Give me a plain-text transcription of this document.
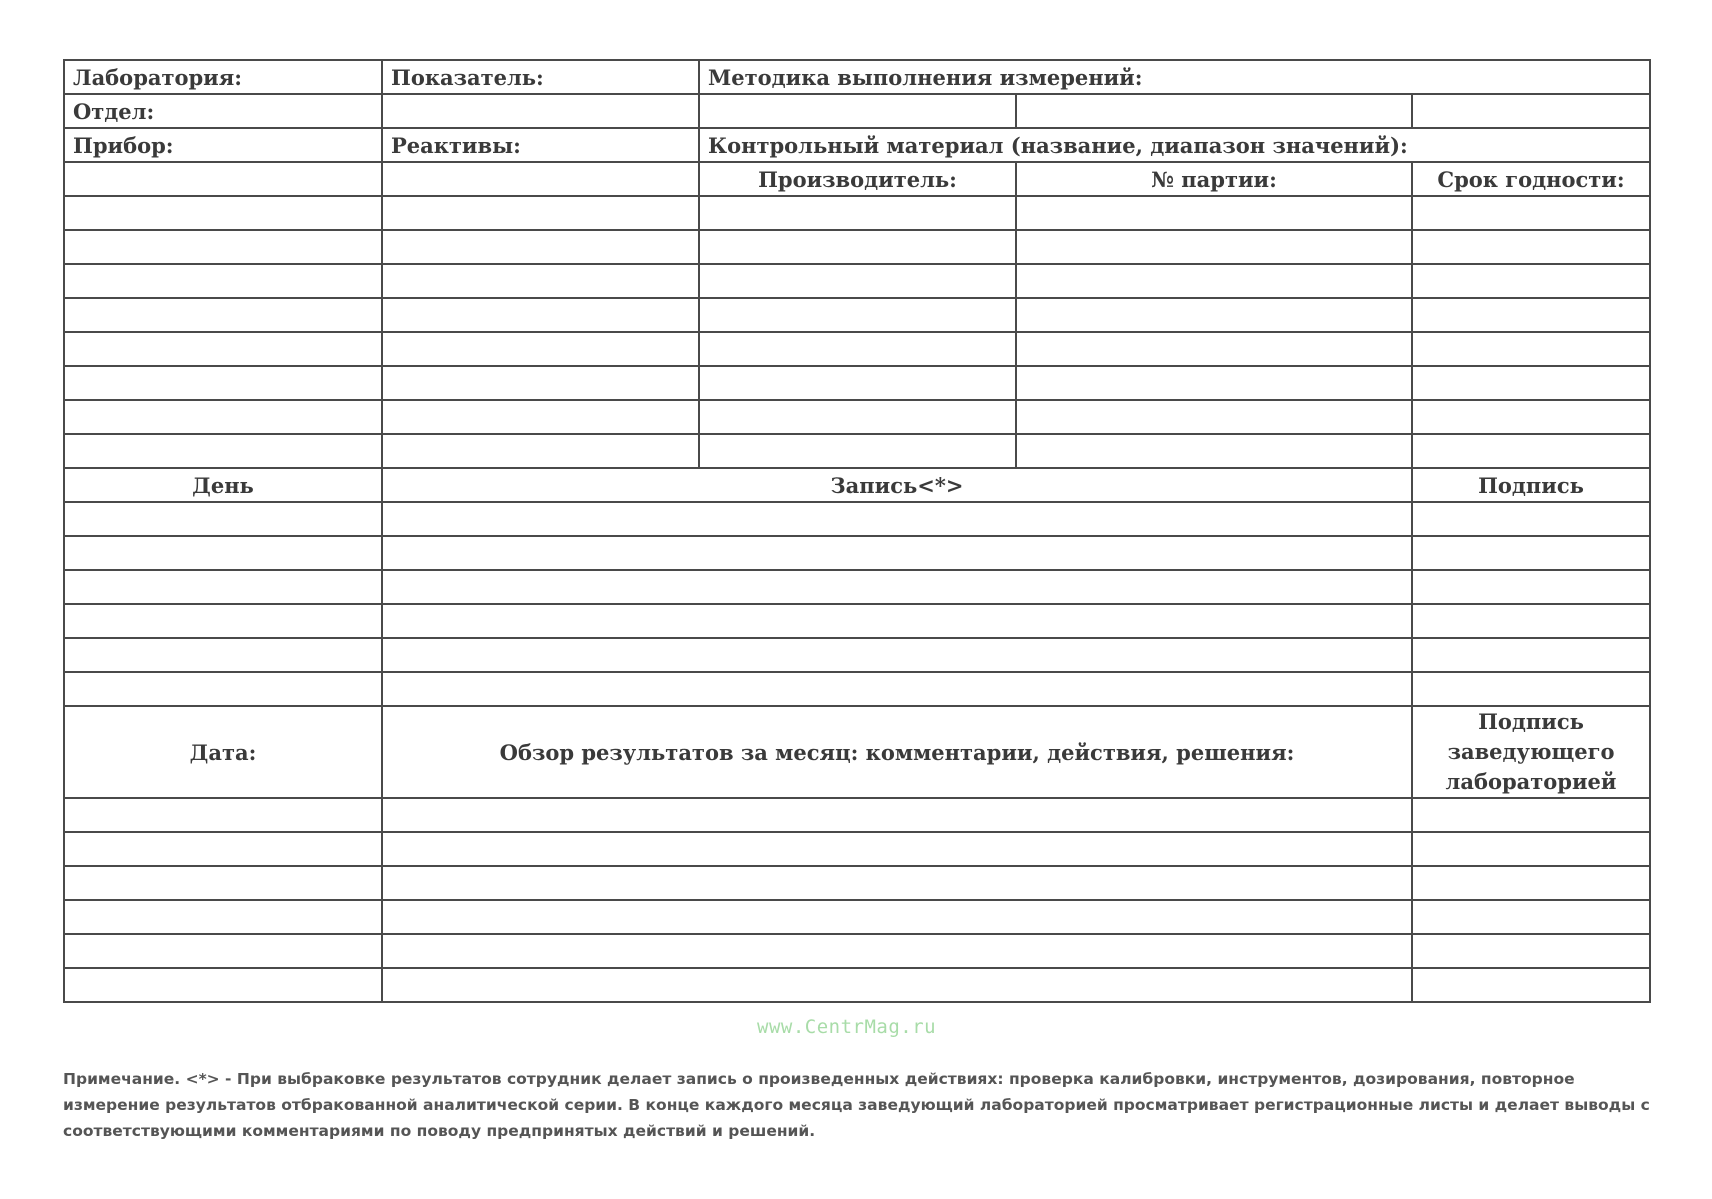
Лаборатория:	Показатель:	Методика выполнения измерений:		
Отдел:				
Прибор:	Реактивы:	Контрольный материал (название, диапазон значений):		
		Производитель:	№ партии:	Срок годности:

День	Запись<*>			Подпись

Дата:	Обзор результатов за месяц: комментарии, действия, решения:			Подпись заведующего лабораторией

www.CentrMag.ru
Примечание. <*> - При выбраковке результатов сотрудник делает запись о произведенных действиях: проверка калибровки, инструментов, дозирования, повторное измерение результатов отбракованной аналитической серии. В конце каждого месяца заведующий лабораторией просматривает регистрационные листы и делает выводы с соответствующими комментариями по поводу предпринятых действий и решений.
